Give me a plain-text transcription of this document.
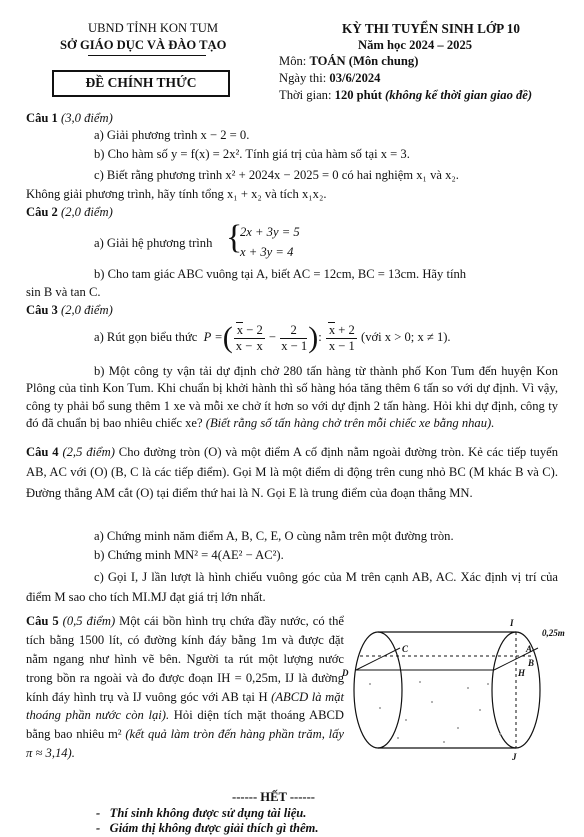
UBND TỈNH KON TUM
SỞ GIÁO DỤC VÀ ĐÀO TẠO
ĐỀ CHÍNH THỨC
KỲ THI TUYỂN SINH LỚP 10
Năm học 2024 – 2025
Môn: TOÁN (Môn chung)
Ngày thi: 03/6/2024
Thời gian: 120 phút (không kể thời gian giao đề)
Câu 1 (3,0 điểm)
a) Giải phương trình x − 2 = 0.
b) Cho hàm số y = f(x) = 2x². Tính giá trị của hàm số tại x = 3.
c) Biết rằng phương trình x² + 2024x − 2025 = 0 có hai nghiệm x₁ và x₂.
Không giải phương trình, hãy tính tổng x₁ + x₂ và tích x₁x₂.
Câu 2 (2,0 điểm)
a) Giải hệ phương trình {
2x + 3y = 5
x + 3y = 4
b) Cho tam giác ABC vuông tại A, biết AC = 12cm, BC = 13cm. Hãy tính
sin B và tan C.
Câu 3 (2,0 điểm)
a) Rút gọn biểu thức  P =( $\frac{x - 2}{x - x} - \frac{2}{x - 1}$ ): $\frac{x + 2}{x - 1}$ (với x > 0; x ≠ 1).
b) Một công ty vận tải dự định chở 280 tấn hàng từ thành phố Kon Tum đến huyện Kon Plông của tỉnh Kon Tum. Khi chuẩn bị khởi hành thì số hàng hóa tăng thêm 6 tấn so với dự định. Vì vậy, công ty phải bổ sung thêm 1 xe và mỗi xe chở ít hơn so với dự định 2 tấn hàng. Hỏi khi dự định, công ty đó đã chuẩn bị bao nhiêu chiếc xe? (Biết rằng số tấn hàng chở trên mỗi chiếc xe bằng nhau).
Câu 4 (2,5 điểm) Cho đường tròn (O) và một điểm A cố định nằm ngoài đường tròn. Kẻ các tiếp tuyến AB, AC với (O) (B, C là các tiếp điểm). Gọi M là một điểm di động trên cung nhỏ BC (M khác B và C). Đường thẳng AM cắt (O) tại điểm thứ hai là N. Gọi E là trung điểm của đoạn thẳng MN.
a) Chứng minh năm điểm A, B, C, E, O cùng nằm trên một đường tròn.
b) Chứng minh MN² = 4(AE² − AC²).
c) Gọi I, J lần lượt là hình chiếu vuông góc của M trên cạnh AB, AC. Xác định vị trí của điểm M sao cho tích MI.MJ đạt giá trị lớn nhất.
Câu 5 (0,5 điểm) Một cái bồn hình trụ chứa đầy nước, có thể tích bằng 1500 lít, có đường kính đáy bằng 1m và được đặt nằm ngang như hình vẽ bên. Người ta rút một lượng nước trong bồn ra ngoài và đo được đoạn IH = 0,25m, IJ là đường kính đáy hình trụ và IJ vuông góc với AB tại H (ABCD là mặt thoáng phần nước còn lại). Hỏi diện tích mặt thoáng ABCD bằng bao nhiêu m² (kết quả làm tròn đến hàng phần trăm, lấy π ≈ 3,14).
I
0,25m
A
B
C
D	H
J
------ HẾT ------
-   Thí sinh không được sử dụng tài liệu.
-   Giám thị không được giải thích gì thêm.
